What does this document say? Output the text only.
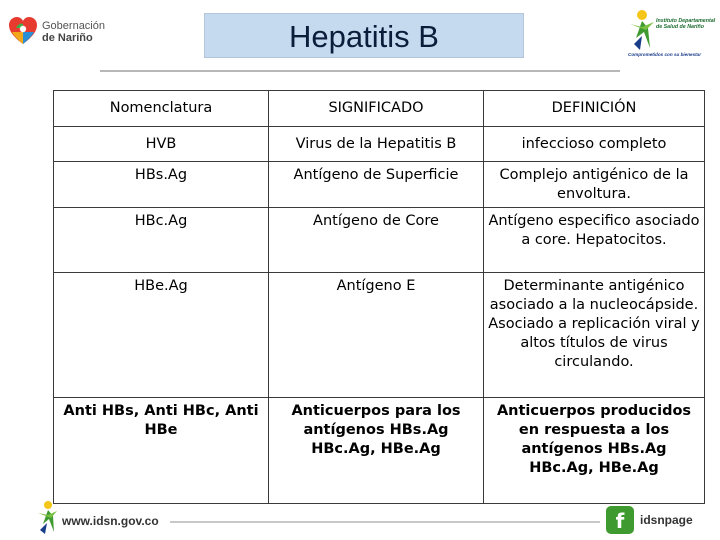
Gobernación
de Nariño	Hepatitis B	Instituto Departamental de Salud de Nariño
Comprometidos con su bienestar
Nomenclatura	SIGNIFICADO	DEFINICIÓN
HVB	Virus de la Hepatitis B	infeccioso completo
HBs.Ag	Antígeno de Superficie	Complejo antigénico de la envoltura.
HBc.Ag	Antígeno de Core	Antígeno especifico asociado a core. Hepatocitos.
HBe.Ag	Antígeno E	Determinante antigénico asociado a la nucleocápside. Asociado a replicación viral y altos títulos de virus circulando.
Anti HBs, Anti HBc, Anti HBe	Anticuerpos para los antígenos HBs.Ag HBc.Ag, HBe.Ag	Anticuerpos producidos en respuesta a los antígenos HBs.Ag HBc.Ag, HBe.Ag
www.idsn.gov.co	f	idsnpage
